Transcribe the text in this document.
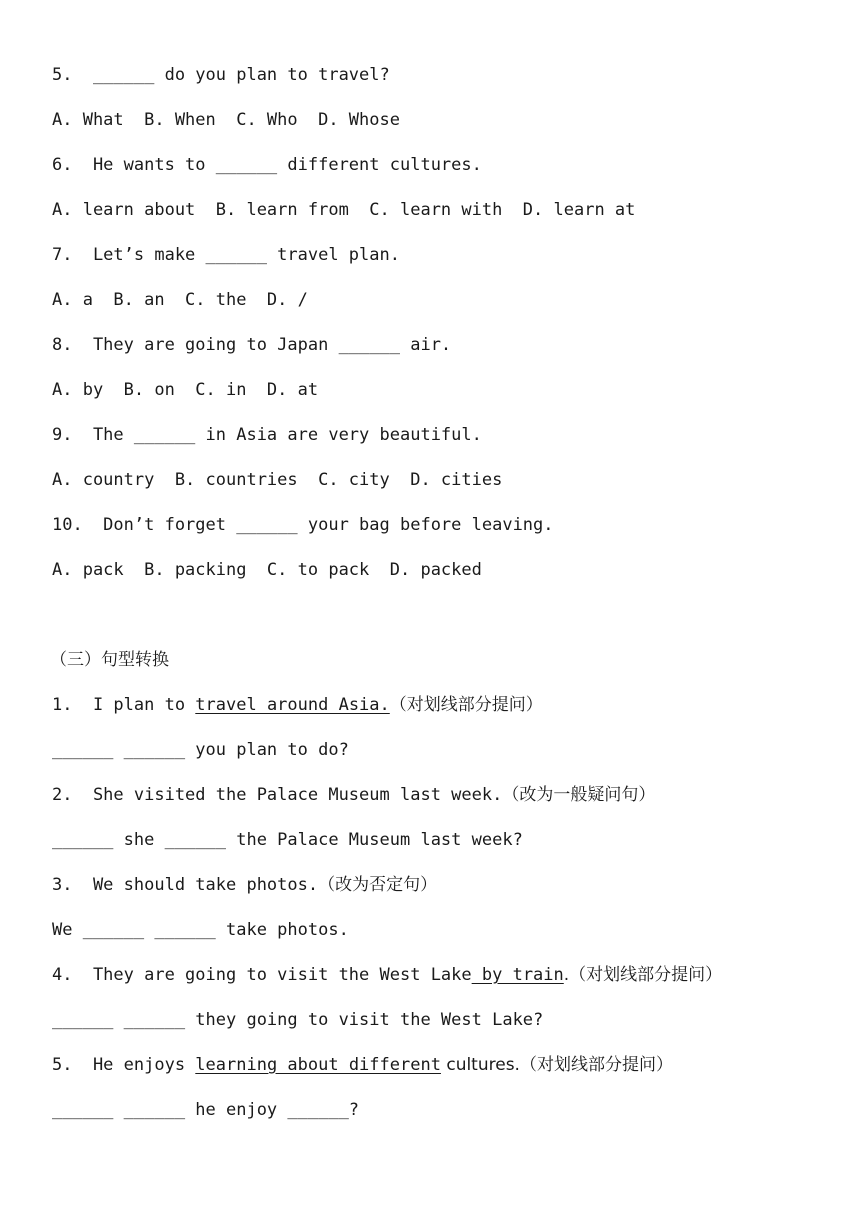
5.  ______ do you plan to travel?
A. What  B. When  C. Who  D. Whose
6.  He wants to ______ different cultures.
A. learn about  B. learn from  C. learn with  D. learn at
7.  Let’s make ______ travel plan.
A. a  B. an  C. the  D. /
8.  They are going to Japan ______ air.
A. by  B. on  C. in  D. at
9.  The ______ in Asia are very beautiful.
A. country  B. countries  C. city  D. cities
10.  Don’t forget ______ your bag before leaving.
A. pack  B. packing  C. to pack  D. packed
（三）句型转换
1.  I plan to travel around Asia.（对划线部分提问）
______ ______ you plan to do?
2.  She visited the Palace Museum last week.（改为一般疑问句）
______ she ______ the Palace Museum last week?
3.  We should take photos.（改为否定句）
We ______ ______ take photos.
4.  They are going to visit the West Lake by train.（对划线部分提问）
______ ______ they going to visit the West Lake?
5.  He enjoys learning about different cultures.（对划线部分提问）
______ ______ he enjoy ______?
